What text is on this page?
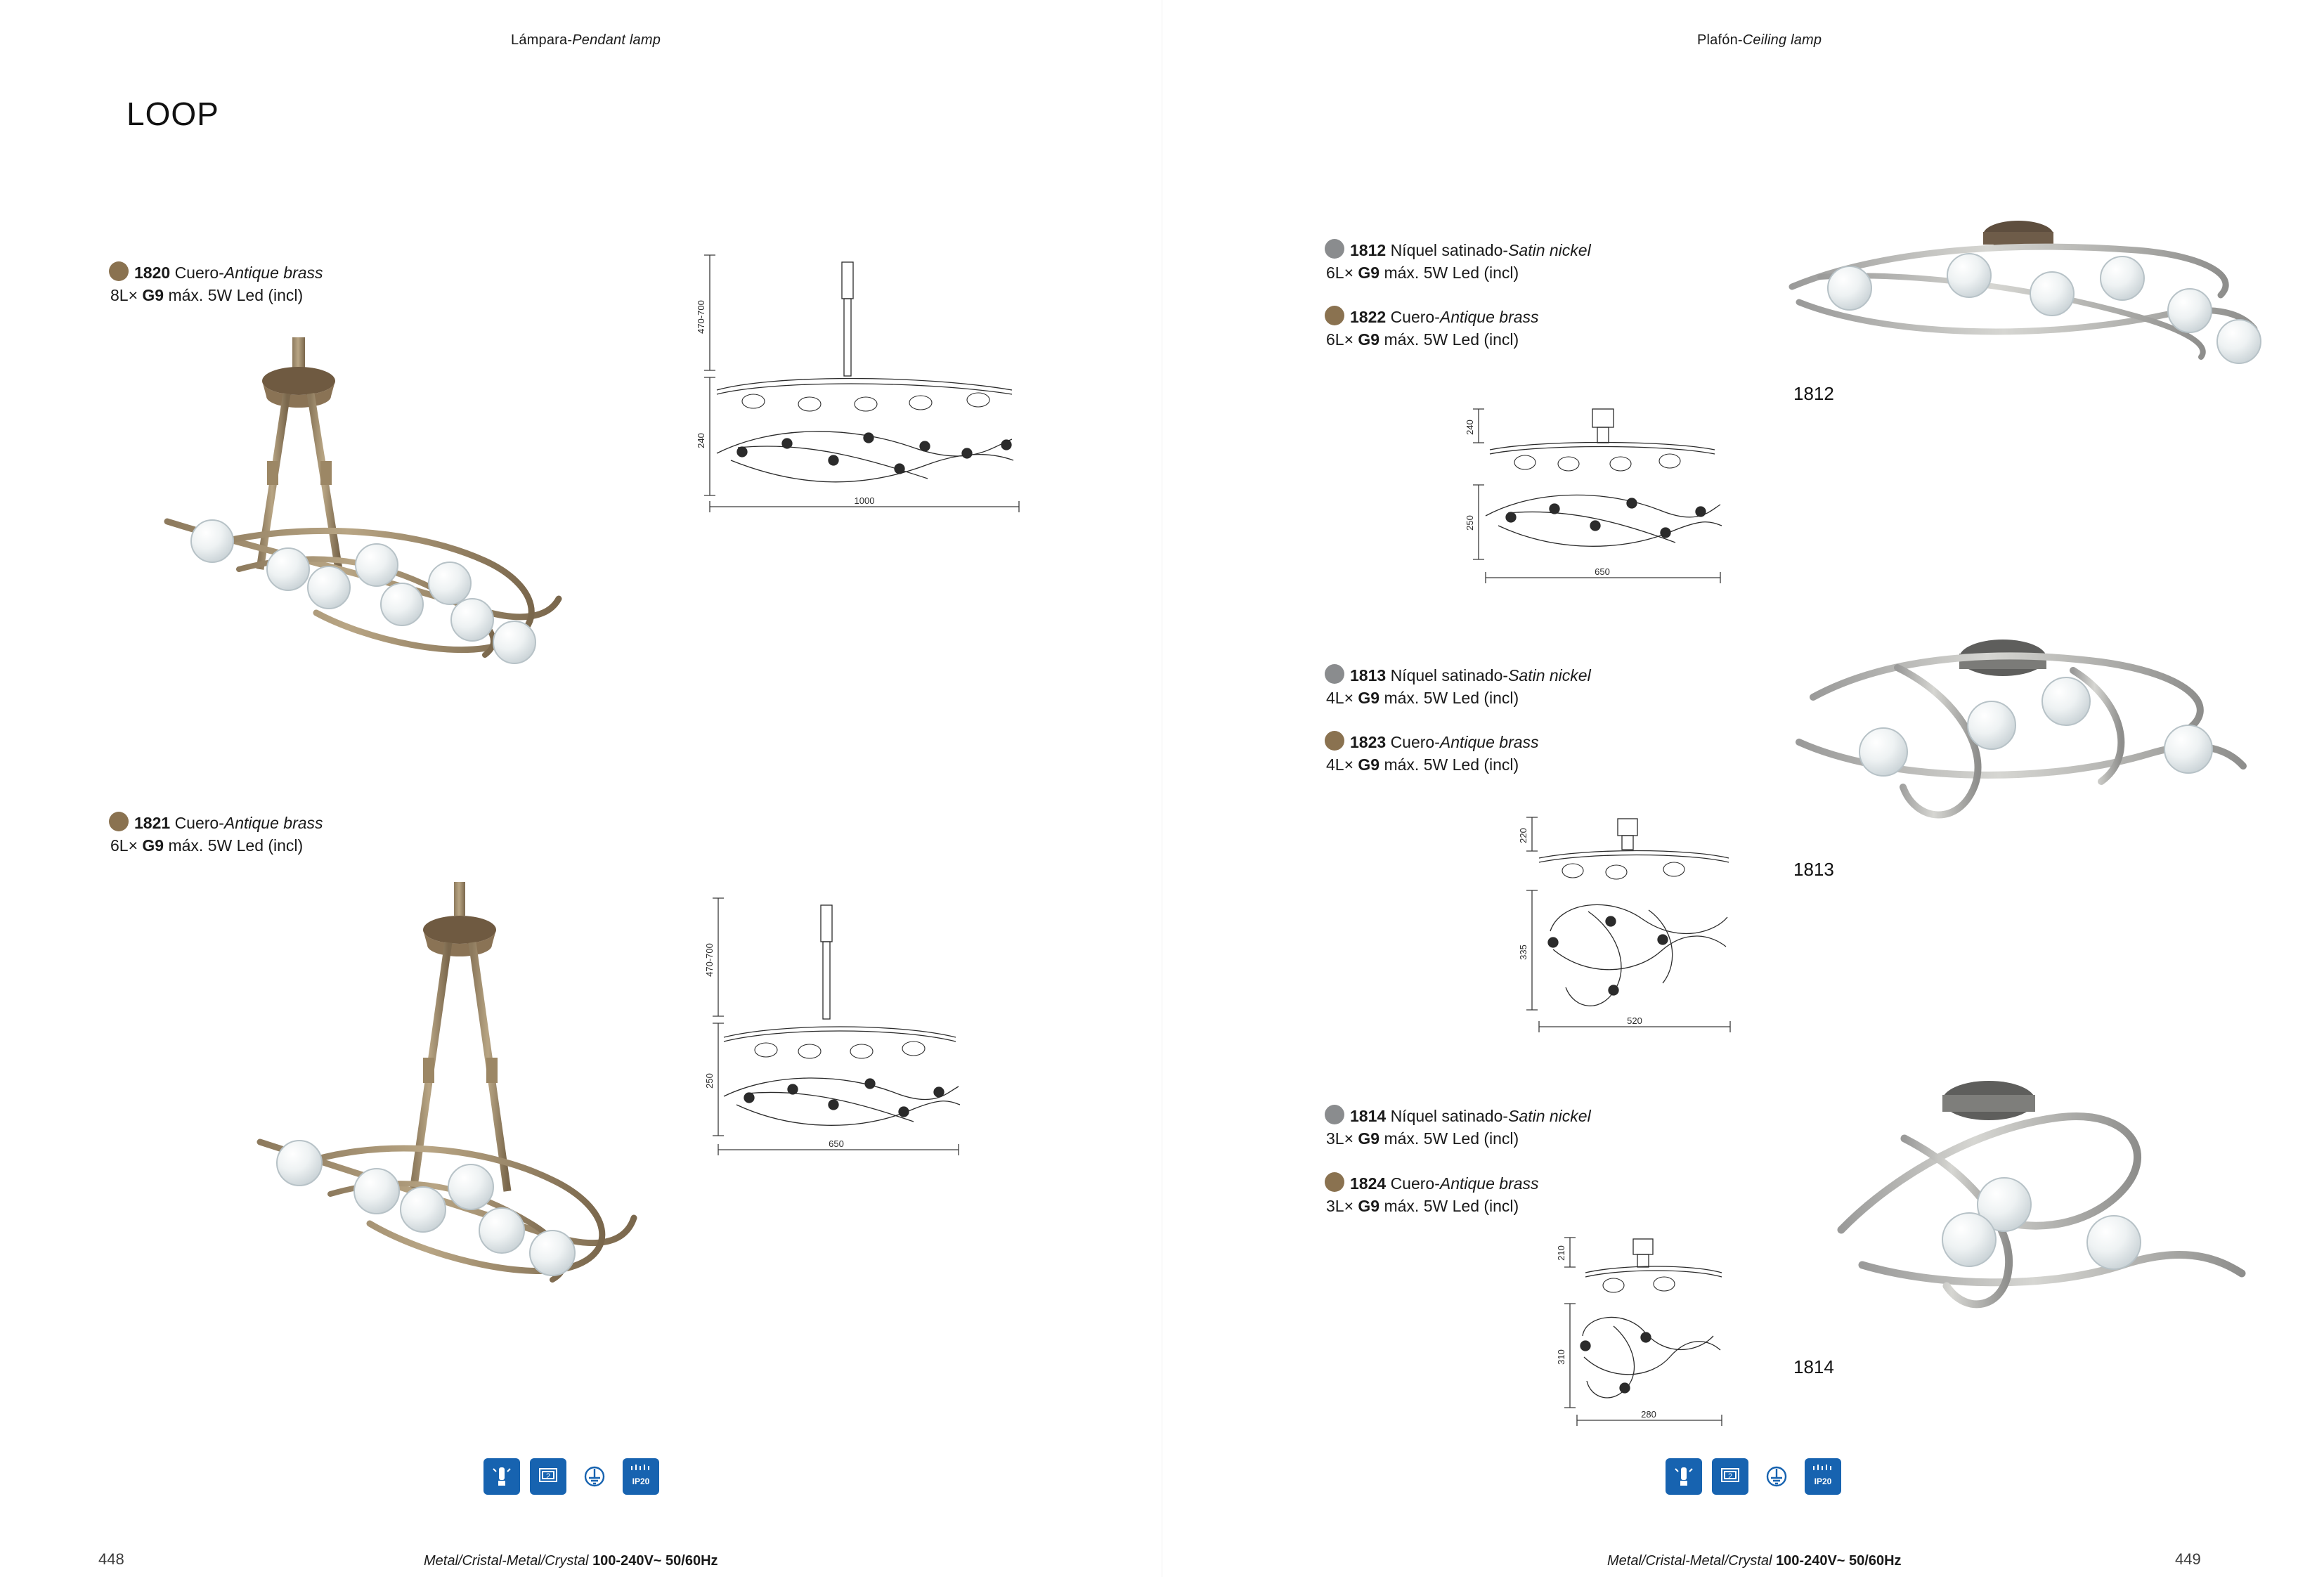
Lámpara-Pendant lamp	Plafón-Ceiling lamp
LOOP
1820 Cuero-Antique brass
8L× G9 máx. 5W Led (incl)
470-700
240
1000
1821 Cuero-Antique brass
6L× G9 máx. 5W Led (incl)
470-700
250
650
1812 Níquel satinado-Satin nickel
6L× G9 máx. 5W Led (incl)
1822 Cuero-Antique brass
6L× G9 máx. 5W Led (incl)
240
250
650
1812
1813 Níquel satinado-Satin nickel
4L× G9 máx. 5W Led (incl)
1823 Cuero-Antique brass
4L× G9 máx. 5W Led (incl)
220
335
520
1813
1814 Níquel satinado-Satin nickel
3L× G9 máx. 5W Led (incl)
1824 Cuero-Antique brass
3L× G9 máx. 5W Led (incl)
210
310
280
1814
2	IP20
Metal/Cristal-Metal/Crystal 100-240V~ 50/60Hz
448
2	IP20
Metal/Cristal-Metal/Crystal 100-240V~ 50/60Hz	449
